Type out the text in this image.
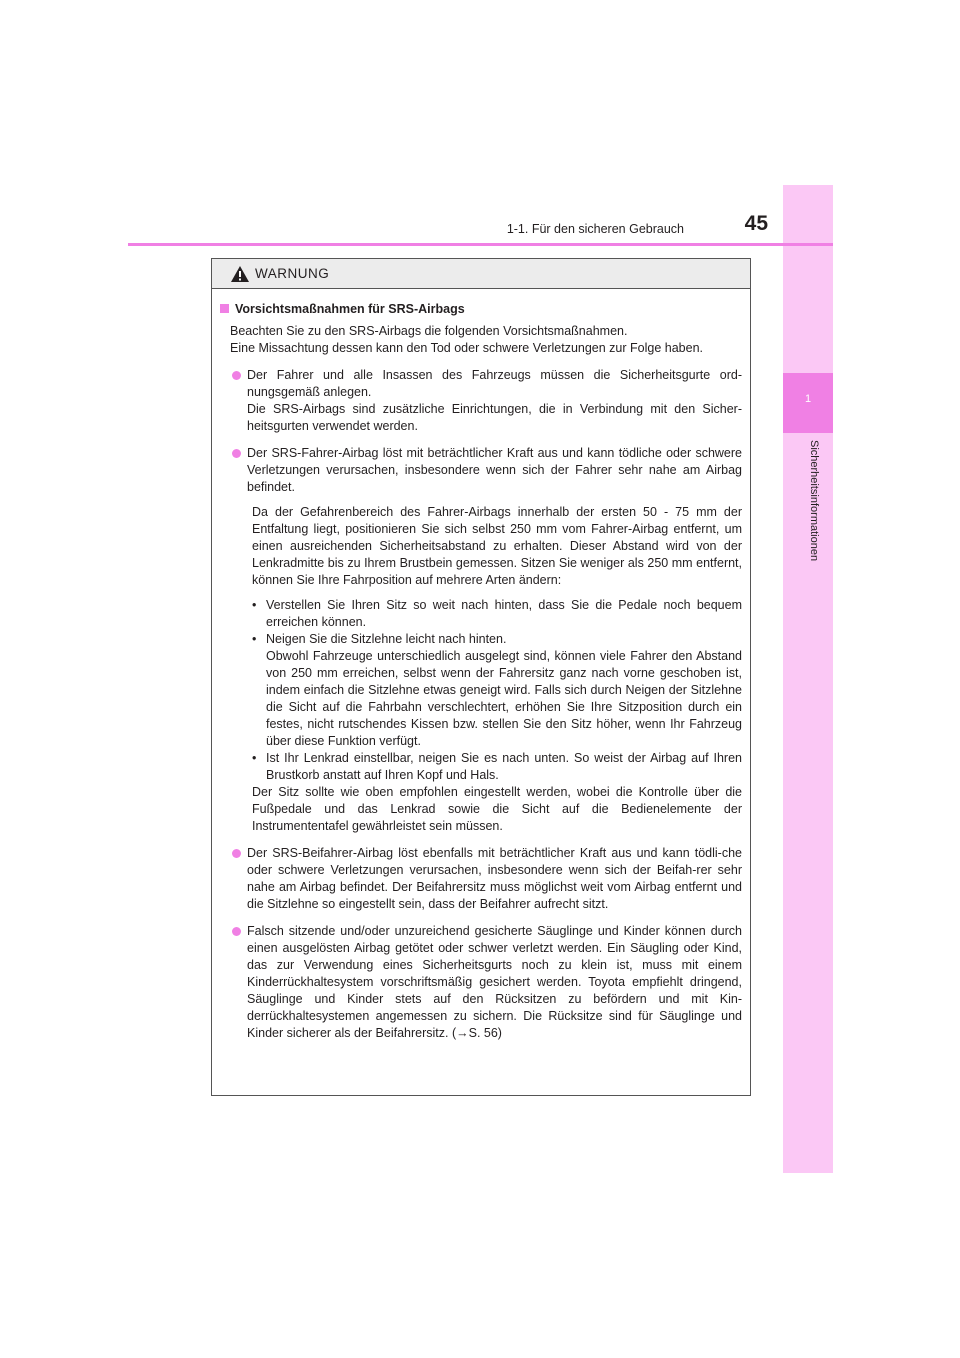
1
Sicherheitsinformationen
1-1. Für den sicheren Gebrauch	45
WARNUNG
Vorsichtsmaßnahmen für SRS-Airbags

Beachten Sie zu den SRS-Airbags die folgenden Vorsichtsmaßnahmen.

Eine Missachtung dessen kann den Tod oder schwere Verletzungen zur Folge haben.

Der Fahrer und alle Insassen des Fahrzeugs müssen die Sicherheitsgurte ord-nungsgemäß anlegen.

Die SRS-Airbags sind zusätzliche Einrichtungen, die in Verbindung mit den Sicher-heitsgurten verwendet werden.

Der SRS-Fahrer-Airbag löst mit beträchtlicher Kraft aus und kann tödliche oder schwere Verletzungen verursachen, insbesondere wenn sich der Fahrer sehr nahe am Airbag befindet.

Da der Gefahrenbereich des Fahrer-Airbags innerhalb der ersten 50 - 75 mm der Entfaltung liegt, positionieren Sie sich selbst 250 mm vom Fahrer-Airbag entfernt, um einen ausreichenden Sicherheitsabstand zu erhalten. Dieser Abstand wird von der Lenkradmitte bis zu Ihrem Brustbein gemessen. Sitzen Sie weniger als 250 mm entfernt, können Sie Ihre Fahrposition auf mehrere Arten ändern:

• Verstellen Sie Ihren Sitz so weit nach hinten, dass Sie die Pedale noch bequem erreichen können.

• Neigen Sie die Sitzlehne leicht nach hinten.

Obwohl Fahrzeuge unterschiedlich ausgelegt sind, können viele Fahrer den Abstand von 250 mm erreichen, selbst wenn der Fahrersitz ganz nach vorne geschoben ist, indem einfach die Sitzlehne etwas geneigt wird. Falls sich durch Neigen der Sitzlehne die Sicht auf die Fahrbahn verschlechtert, erhöhen Sie Ihre Sitzposition durch ein festes, nicht rutschendes Kissen bzw. stellen Sie den Sitz höher, wenn Ihr Fahrzeug über diese Funktion verfügt.

• Ist Ihr Lenkrad einstellbar, neigen Sie es nach unten. So weist der Airbag auf Ihren Brustkorb anstatt auf Ihren Kopf und Hals.

Der Sitz sollte wie oben empfohlen eingestellt werden, wobei die Kontrolle über die Fußpedale und das Lenkrad sowie die Sicht auf die Bedienelemente der Instrumententafel gewährleistet sein müssen.

Der SRS-Beifahrer-Airbag löst ebenfalls mit beträchtlicher Kraft aus und kann tödli-che oder schwere Verletzungen verursachen, insbesondere wenn sich der Beifah-rer sehr nahe am Airbag befindet. Der Beifahrersitz muss möglichst weit vom Airbag entfernt und die Sitzlehne so eingestellt sein, dass der Beifahrer aufrecht sitzt.

Falsch sitzende und/oder unzureichend gesicherte Säuglinge und Kinder können durch einen ausgelösten Airbag getötet oder schwer verletzt werden. Ein Säugling oder Kind, das zur Verwendung eines Sicherheitsgurts noch zu klein ist, muss mit einem Kinderrückhaltesystem vorschriftsmäßig gesichert werden. Toyota empfiehlt dringend, Säuglinge und Kinder stets auf den Rücksitzen zu befördern und mit Kin-derrückhaltesystemen angemessen zu sichern. Die Rücksitze sind für Säuglinge und Kinder sicherer als der Beifahrersitz. (→S. 56)
